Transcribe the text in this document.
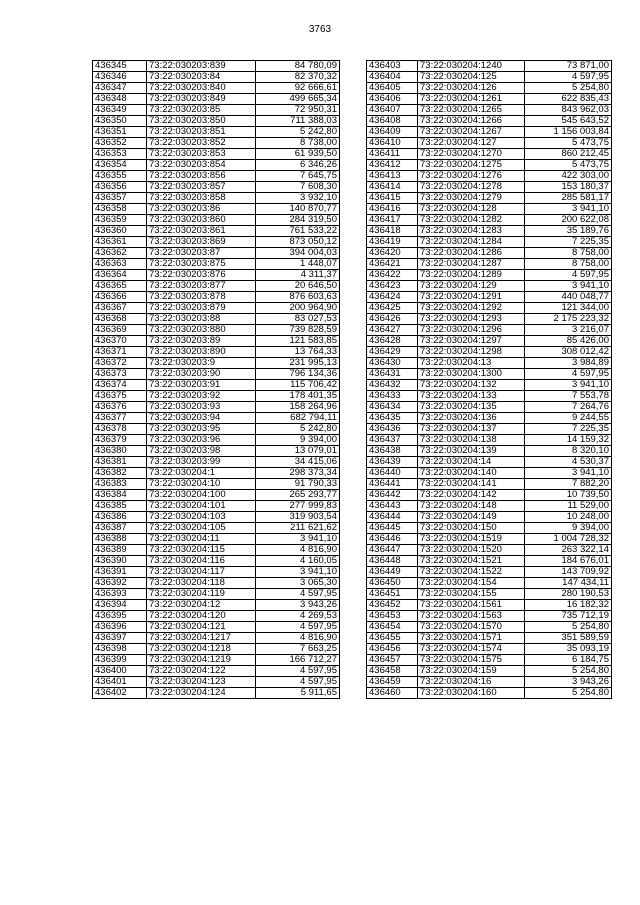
3763
436345	73:22:030203:839	84 780,09
436346	73:22:030203:84	82 370,32
436347	73:22:030203:840	92 666,61
436348	73:22:030203:849	499 665,34
436349	73:22:030203:85	72 950,31
436350	73:22:030203:850	711 388,03
436351	73:22:030203:851	5 242,80
436352	73:22:030203:852	8 738,00
436353	73:22:030203:853	61 939,50
436354	73:22:030203:854	6 346,26
436355	73:22:030203:856	7 645,75
436356	73:22:030203:857	7 608,30
436357	73:22:030203:858	3 932,10
436358	73:22:030203:86	140 870,77
436359	73:22:030203:860	284 319,50
436360	73:22:030203:861	761 533,22
436361	73:22:030203:869	873 050,12
436362	73:22:030203:87	394 004,03
436363	73:22:030203:875	1 448,07
436364	73:22:030203:876	4 311,37
436365	73:22:030203:877	20 646,50
436366	73:22:030203:878	876 603,63
436367	73:22:030203:879	200 964,90
436368	73:22:030203:88	83 027,53
436369	73:22:030203:880	739 828,59
436370	73:22:030203:89	121 583,85
436371	73:22:030203:890	13 764,33
436372	73:22:030203:9	231 995,13
436373	73:22:030203:90	796 134,36
436374	73:22:030203:91	115 706,42
436375	73:22:030203:92	178 401,35
436376	73:22:030203:93	158 264,96
436377	73:22:030203:94	682 794,11
436378	73:22:030203:95	5 242,80
436379	73:22:030203:96	9 394,00
436380	73:22:030203:98	13 079,01
436381	73:22:030203:99	34 415,06
436382	73:22:030204:1	298 373,34
436383	73:22:030204:10	91 790,33
436384	73:22:030204:100	265 293,77
436385	73:22:030204:101	277 999,83
436386	73:22:030204:103	319 903,54
436387	73:22:030204:105	211 621,62
436388	73:22:030204:11	3 941,10
436389	73:22:030204:115	4 816,90
436390	73:22:030204:116	4 160,05
436391	73:22:030204:117	3 941,10
436392	73:22:030204:118	3 065,30
436393	73:22:030204:119	4 597,95
436394	73:22:030204:12	3 943,26
436395	73:22:030204:120	4 269,53
436396	73:22:030204:121	4 597,95
436397	73:22:030204:1217	4 816,90
436398	73:22:030204:1218	7 663,25
436399	73:22:030204:1219	166 712,27
436400	73:22:030204:122	4 597,95
436401	73:22:030204:123	4 597,95
436402	73:22:030204:124	5 911,65
436403	73:22:030204:1240	73 871,00
436404	73:22:030204:125	4 597,95
436405	73:22:030204:126	5 254,80
436406	73:22:030204:1261	622 835,43
436407	73:22:030204:1265	843 962,03
436408	73:22:030204:1266	545 643,52
436409	73:22:030204:1267	1 156 003,84
436410	73:22:030204:127	5 473,75
436411	73:22:030204:1270	860 212,45
436412	73:22:030204:1275	5 473,75
436413	73:22:030204:1276	422 303,00
436414	73:22:030204:1278	153 180,37
436415	73:22:030204:1279	285 581,17
436416	73:22:030204:128	3 941,10
436417	73:22:030204:1282	200 622,08
436418	73:22:030204:1283	35 189,76
436419	73:22:030204:1284	7 225,35
436420	73:22:030204:1286	8 758,00
436421	73:22:030204:1287	8 758,00
436422	73:22:030204:1289	4 597,95
436423	73:22:030204:129	3 941,10
436424	73:22:030204:1291	440 048,77
436425	73:22:030204:1292	121 344,00
436426	73:22:030204:1293	2 175 223,32
436427	73:22:030204:1296	3 216,07
436428	73:22:030204:1297	85 426,00
436429	73:22:030204:1298	308 012,42
436430	73:22:030204:13	3 984,89
436431	73:22:030204:1300	4 597,95
436432	73:22:030204:132	3 941,10
436433	73:22:030204:133	7 553,78
436434	73:22:030204:135	7 264,76
436435	73:22:030204:136	9 244,55
436436	73:22:030204:137	7 225,35
436437	73:22:030204:138	14 159,32
436438	73:22:030204:139	8 320,10
436439	73:22:030204:14	4 530,37
436440	73:22:030204:140	3 941,10
436441	73:22:030204:141	7 882,20
436442	73:22:030204:142	10 739,50
436443	73:22:030204:148	11 529,00
436444	73:22:030204:149	10 248,00
436445	73:22:030204:150	9 394,00
436446	73:22:030204:1519	1 004 728,32
436447	73:22:030204:1520	263 322,14
436448	73:22:030204:1521	184 676,01
436449	73:22:030204:1522	143 709,92
436450	73:22:030204:154	147 434,11
436451	73:22:030204:155	280 190,53
436452	73:22:030204:1561	16 182,32
436453	73:22:030204:1563	735 712,19
436454	73:22:030204:1570	5 254,80
436455	73:22:030204:1571	351 589,59
436456	73:22:030204:1574	35 093,19
436457	73:22:030204:1575	6 184,75
436458	73:22:030204:159	5 254,80
436459	73:22:030204:16	3 943,26
436460	73:22:030204:160	5 254,80
